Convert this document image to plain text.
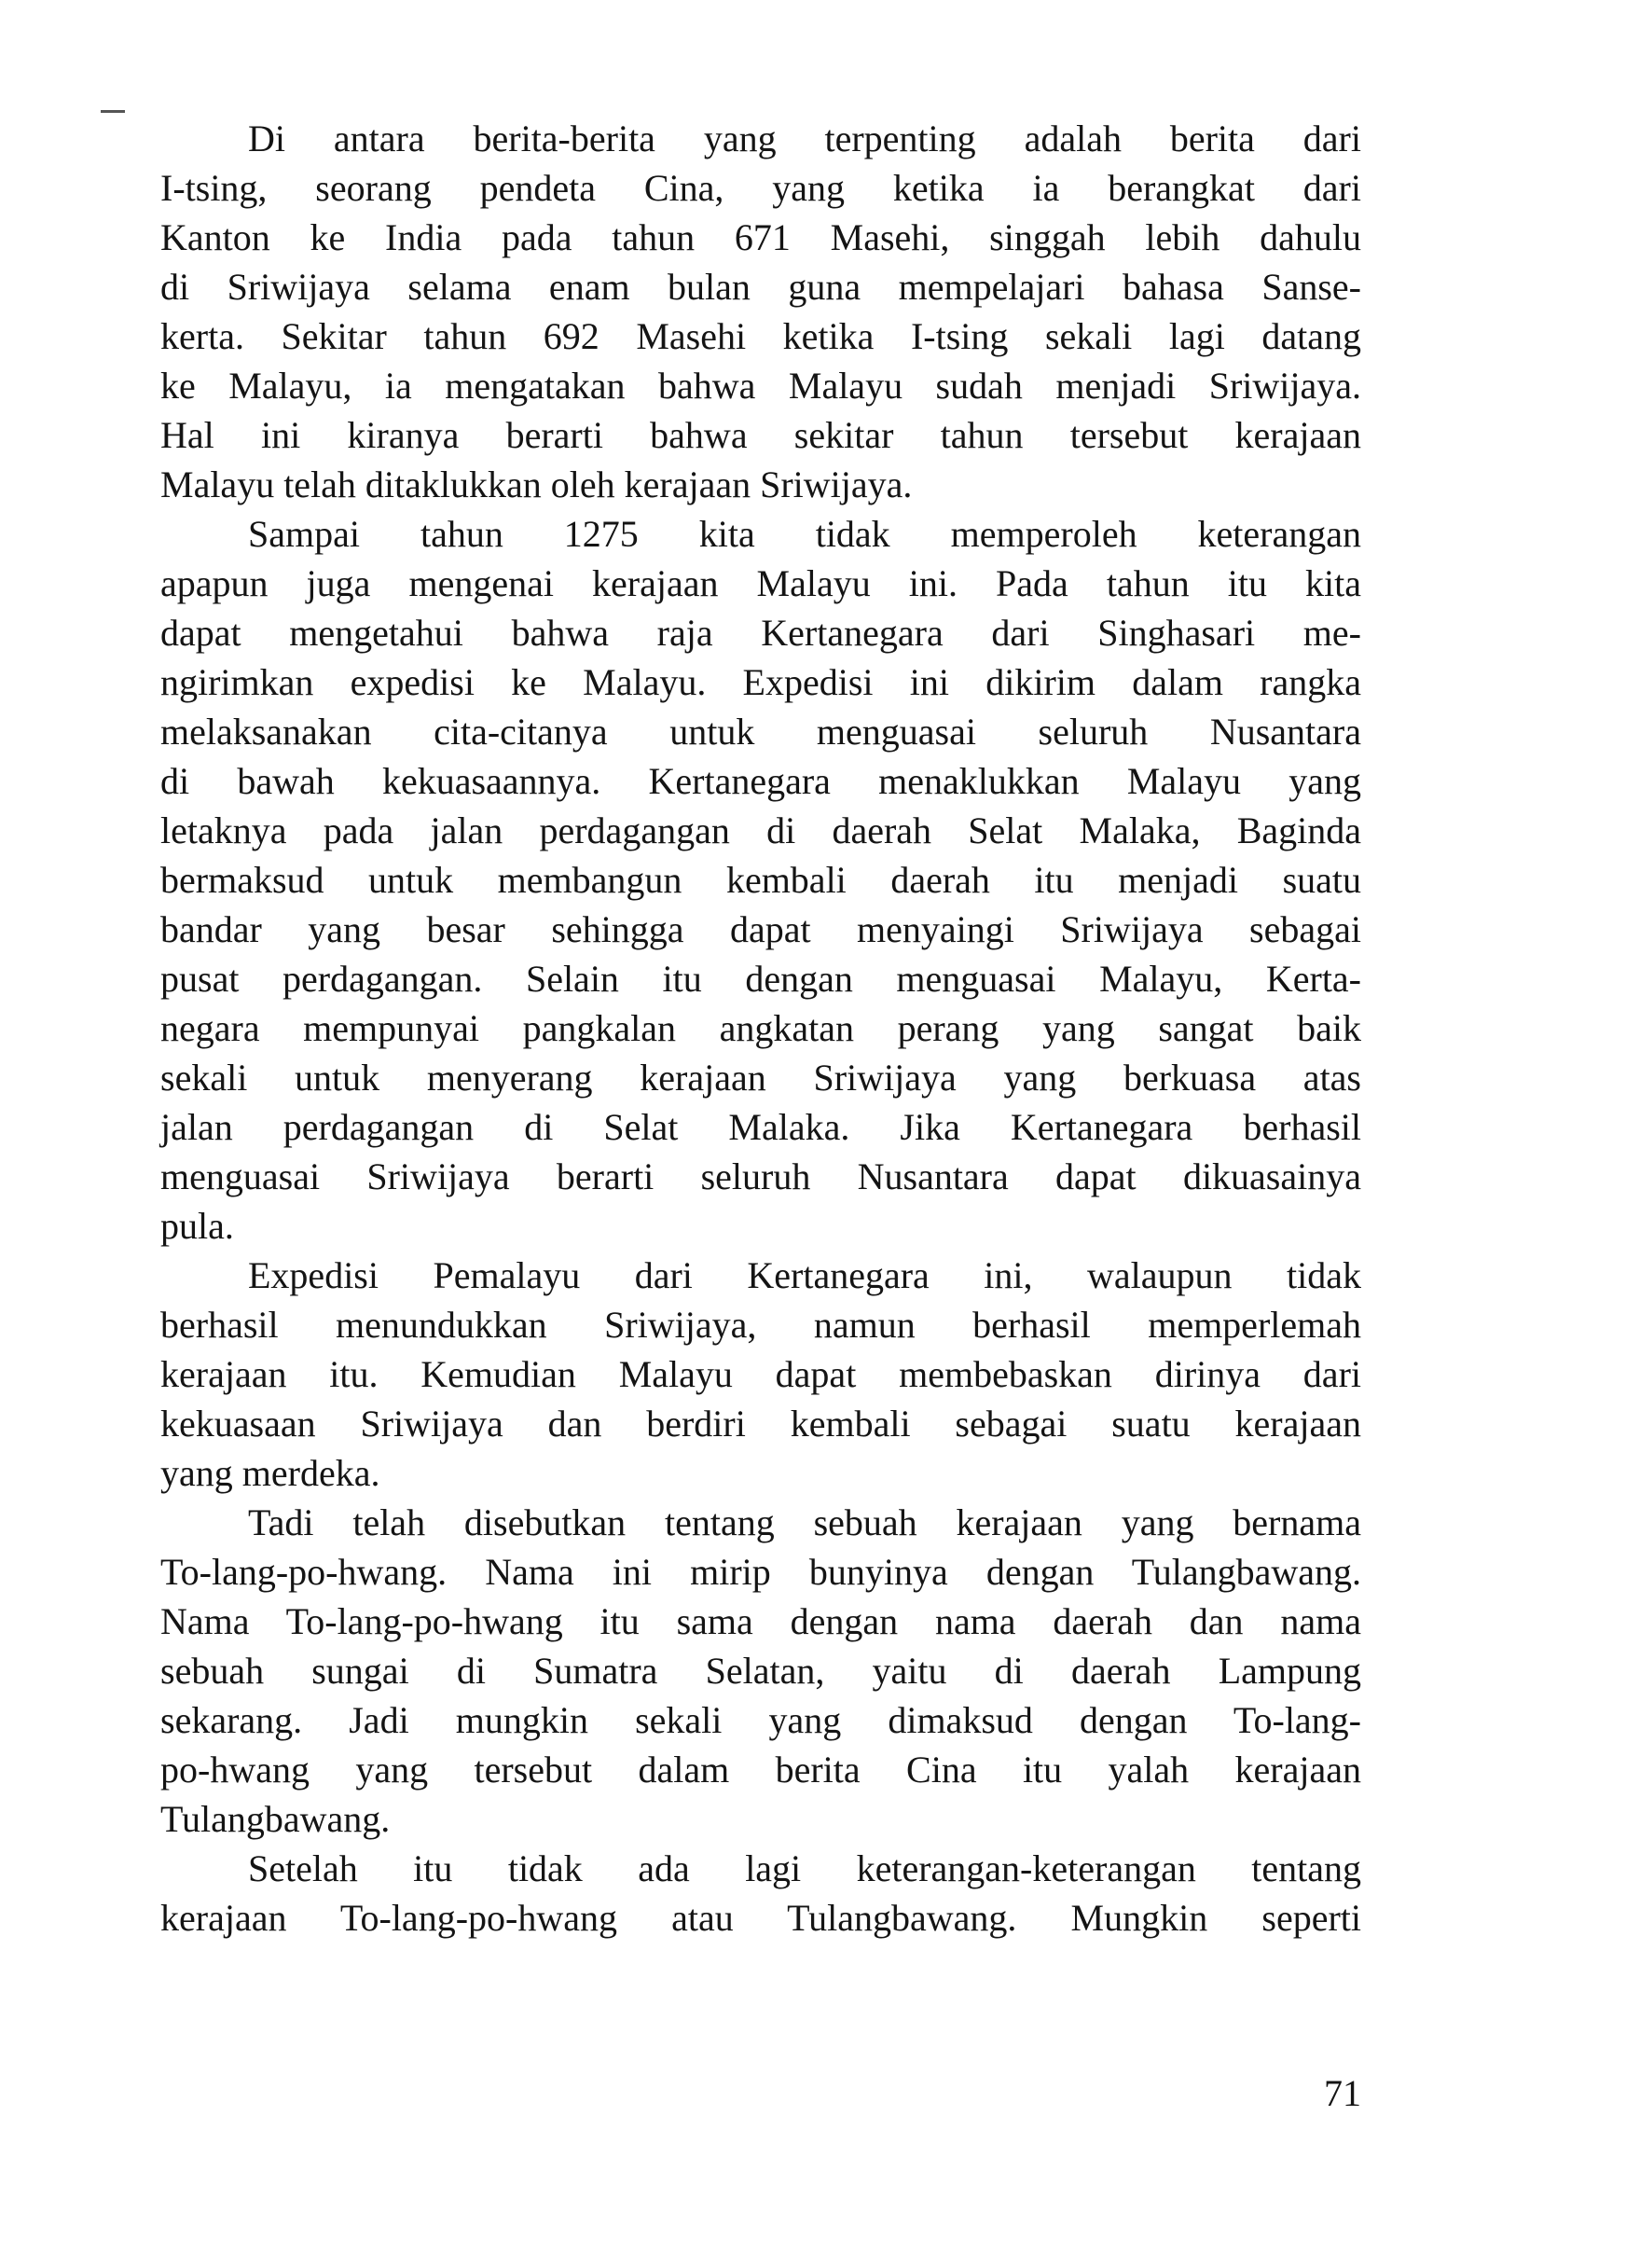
Di antara berita-berita yang terpenting adalah berita dari
I-tsing, seorang pendeta Cina, yang ketika ia berangkat dari
Kanton ke India pada tahun 671 Masehi, singgah lebih dahulu
di Sriwijaya selama enam bulan guna mempelajari bahasa Sanse-
kerta. Sekitar tahun 692 Masehi ketika I-tsing sekali lagi datang
ke Malayu, ia mengatakan bahwa Malayu sudah menjadi Sriwijaya.
Hal ini kiranya berarti bahwa sekitar tahun tersebut kerajaan
Malayu telah ditaklukkan oleh kerajaan Sriwijaya.
Sampai tahun 1275 kita tidak memperoleh keterangan
apapun juga mengenai kerajaan Malayu ini. Pada tahun itu kita
dapat mengetahui bahwa raja Kertanegara dari Singhasari me-
ngirimkan expedisi ke Malayu. Expedisi ini dikirim dalam rangka
melaksanakan cita-citanya untuk menguasai seluruh Nusantara
di bawah kekuasaannya. Kertanegara menaklukkan Malayu yang
letaknya pada jalan perdagangan di daerah Selat Malaka, Baginda
bermaksud untuk membangun kembali daerah itu menjadi suatu
bandar yang besar sehingga dapat menyaingi Sriwijaya sebagai
pusat perdagangan. Selain itu dengan menguasai Malayu, Kerta-
negara mempunyai pangkalan angkatan perang yang sangat baik
sekali untuk menyerang kerajaan Sriwijaya yang berkuasa atas
jalan perdagangan di Selat Malaka. Jika Kertanegara berhasil
menguasai Sriwijaya berarti seluruh Nusantara dapat dikuasainya
pula.
Expedisi Pemalayu dari Kertanegara ini, walaupun tidak
berhasil menundukkan Sriwijaya, namun berhasil memperlemah
kerajaan itu. Kemudian Malayu dapat membebaskan dirinya dari
kekuasaan Sriwijaya dan berdiri kembali sebagai suatu kerajaan
yang merdeka.
Tadi telah disebutkan tentang sebuah kerajaan yang bernama
To-lang-po-hwang. Nama ini mirip bunyinya dengan Tulangbawang.
Nama To-lang-po-hwang itu sama dengan nama daerah dan nama
sebuah sungai di Sumatra Selatan, yaitu di daerah Lampung
sekarang. Jadi mungkin sekali yang dimaksud dengan To-lang-
po-hwang yang tersebut dalam berita Cina itu yalah kerajaan
Tulangbawang.
Setelah itu tidak ada lagi keterangan-keterangan tentang
kerajaan To-lang-po-hwang atau Tulangbawang. Mungkin seperti
71
